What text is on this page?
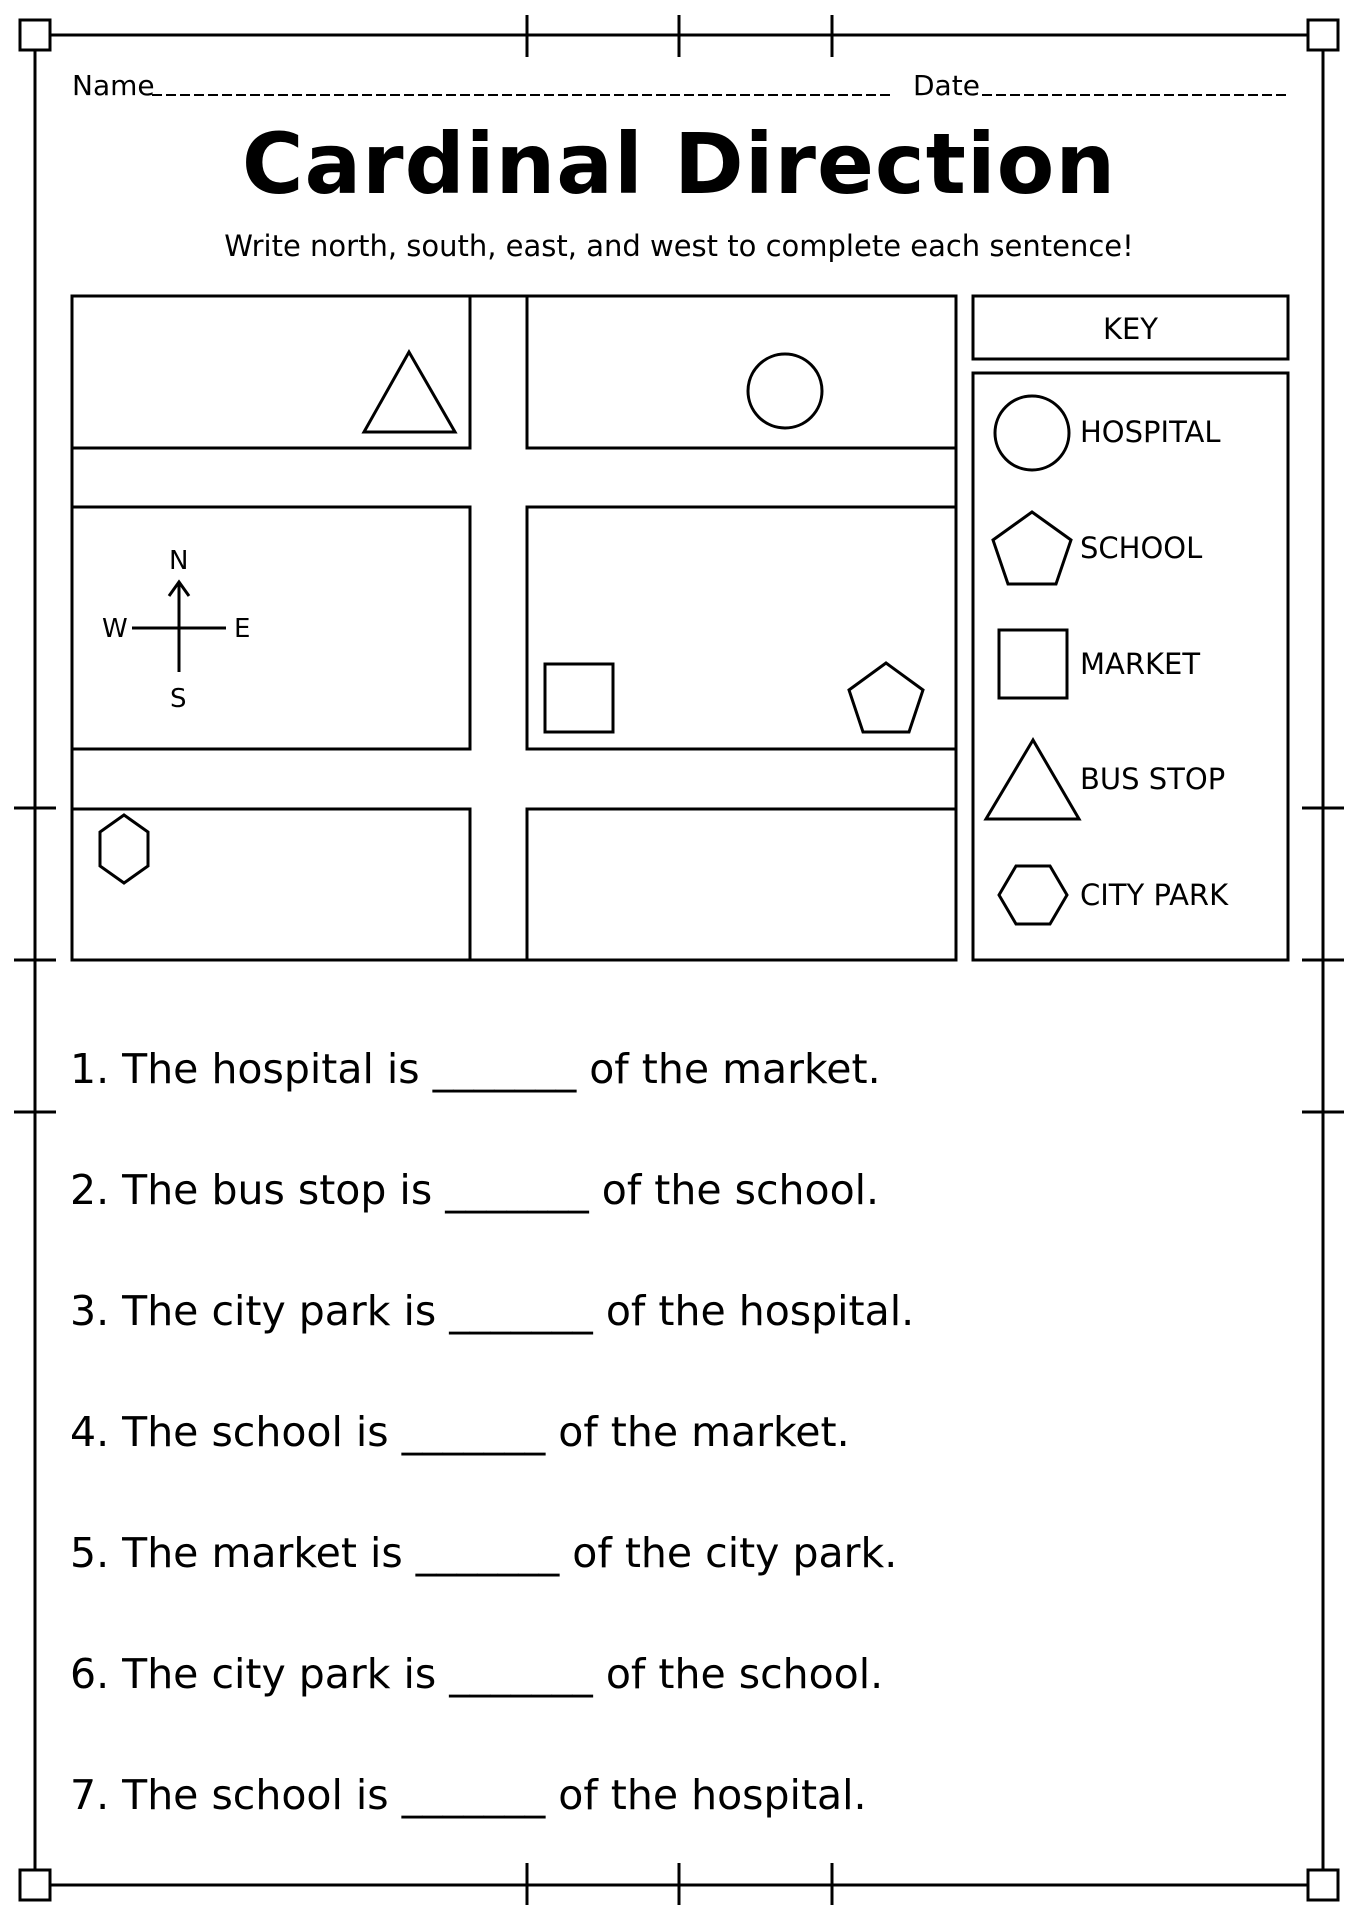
Name	Date
Cardinal Direction
Write north, south, east, and west to complete each sentence!
N
S
E
W
KEY
HOSPITAL
SCHOOL
MARKET
BUS STOP
CITY PARK
1. The hospital is _______ of the market.
2. The bus stop is _______ of the school.
3. The city park is _______ of the hospital.
4. The school is _______ of the market.
5. The market is _______ of the city park.
6. The city park is _______ of the school.
7. The school is _______ of the hospital.
